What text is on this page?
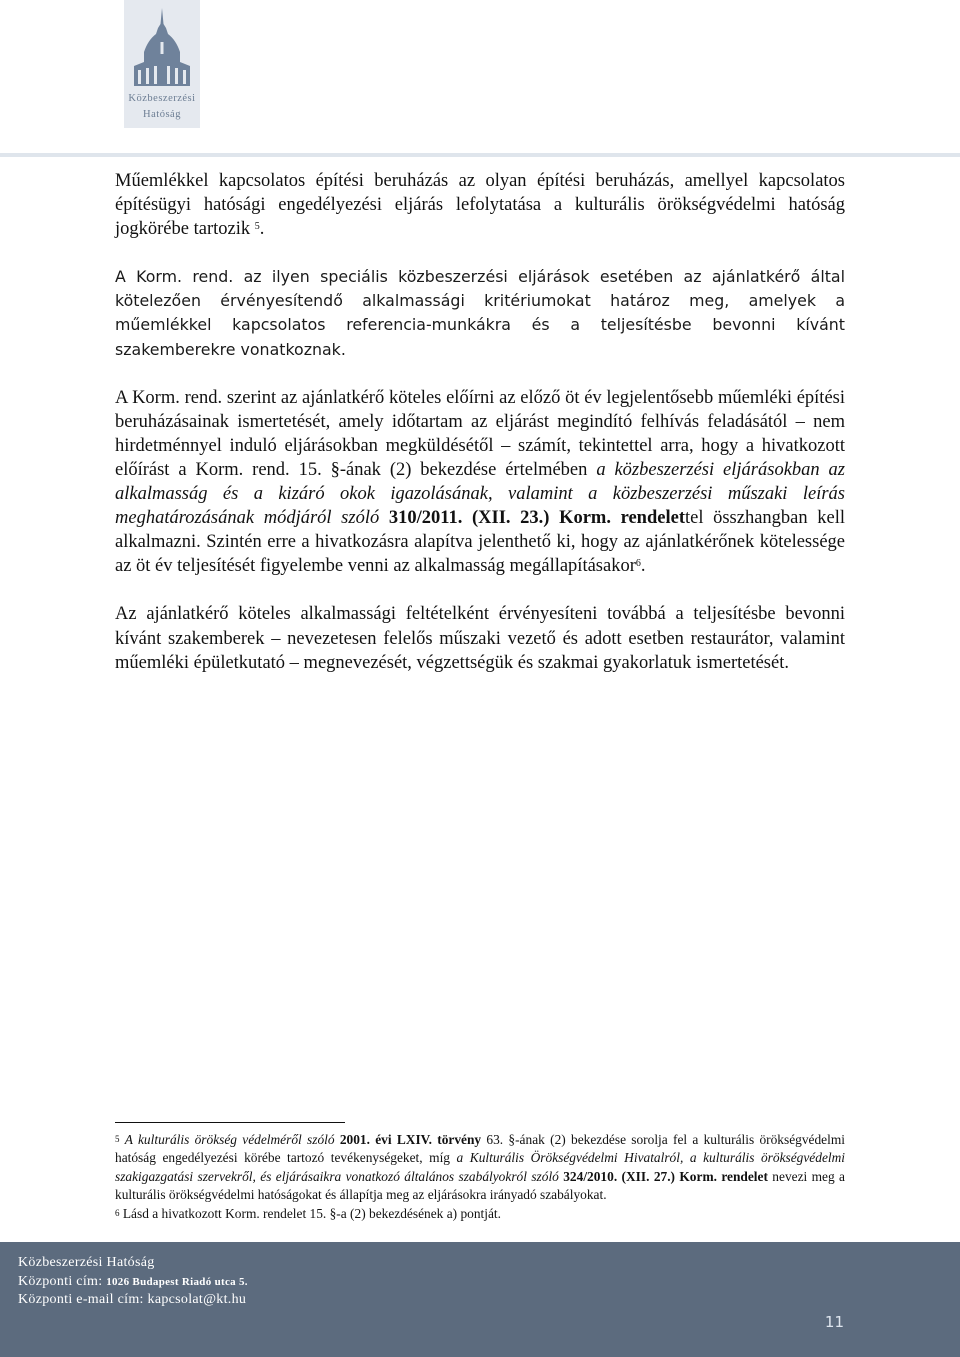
Közbeszerzési
Hatóság

Műemlékkel kapcsolatos építési beruházás az olyan építési beruházás, amellyel kapcsolatos építésügyi hatósági engedélyezési eljárás lefolytatása a kulturális örökségvédelmi hatóság jogkörébe tartozik $^5$.

A Korm. rend. az ilyen speciális közbeszerzési eljárások esetében az ajánlatkérő által kötelezően érvényesítendő alkalmassági kritériumokat határoz meg, amelyek a műemlékkel kapcsolatos referencia-munkákra és a teljesítésbe bevonni kívánt szakemberekre vonatkoznak.

A Korm. rend. szerint az ajánlatkérő köteles előírni az előző öt év legjelentősebb műemléki építési beruházásainak ismertetését, amely időtartam az eljárást megindító felhívás feladásától – nem hirdetménnyel induló eljárásokban megküldésétől – számít, tekintettel arra, hogy a hivatkozott előírást a Korm. rend. 15. §-ának (2) bekezdése értelmében a közbeszerzési eljárásokban az alkalmasság és a kizáró okok igazolásának, valamint a közbeszerzési műszaki leírás meghatározásának módjáról szóló 310/2011. (XII. 23.) Korm. rendelettel összhangban kell alkalmazni. Szintén erre a hivatkozásra alapítva jelenthető ki, hogy az ajánlatkérőnek kötelessége az öt év teljesítését figyelembe venni az alkalmasság megállapításakor$^6$.

Az ajánlatkérő köteles alkalmassági feltételként érvényesíteni továbbá a teljesítésbe bevonni kívánt szakemberek – nevezetesen felelős műszaki vezető és adott esetben restaurátor, valamint műemléki épületkutató – megnevezését, végzettségük és szakmai gyakorlatuk ismertetését.

$^5$ A kulturális örökség védelméről szóló 2001. évi LXIV. törvény 63. §-ának (2) bekezdése sorolja fel a kulturális örökségvédelmi hatóság engedélyezési körébe tartozó tevékenységeket, míg a Kulturális Örökségvédelmi Hivatalról, a kulturális örökségvédelmi szakigazgatási szervekről, és eljárásaikra vonatkozó általános szabályokról szóló 324/2010. (XII. 27.) Korm. rendelet nevezi meg a kulturális örökségvédelmi hatóságokat és állapítja meg az eljárásokra irányadó szabályokat.

$^6$ Lásd a hivatkozott Korm. rendelet 15. §-a (2) bekezdésének a) pontját.

Közbeszerzési Hatóság
Központi cím: 1026 Budapest Riadó utca 5.
Központi e-mail cím: kapcsolat@kt.hu
11
